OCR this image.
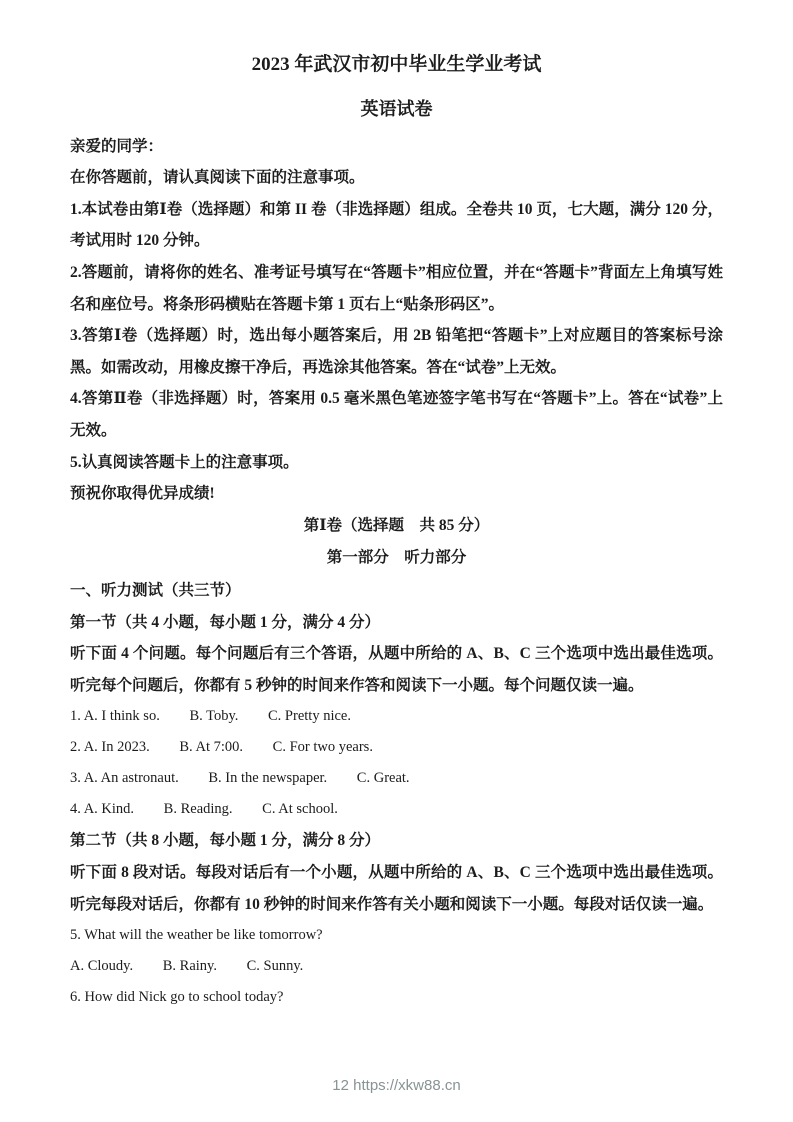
2023 年武汉市初中毕业生学业考试
英语试卷

亲爱的同学：

在你答题前，请认真阅读下面的注意事项。

1.本试卷由第Ⅰ卷（选择题）和第 II 卷（非选择题）组成。全卷共 10 页，七大题，满分 120 分，考试用时 120 分钟。

2.答题前，请将你的姓名、准考证号填写在“答题卡”相应位置，并在“答题卡”背面左上角填写姓名和座位号。将条形码横贴在答题卡第 1 页右上“贴条形码区”。

3.答第Ⅰ卷（选择题）时，选出每小题答案后，用 2B 铅笔把“答题卡”上对应题目的答案标号涂黑。如需改动，用橡皮擦干净后，再选涂其他答案。答在“试卷”上无效。

4.答第Ⅱ卷（非选择题）时，答案用 0.5 毫米黑色笔迹签字笔书写在“答题卡”上。答在“试卷”上无效。

5.认真阅读答题卡上的注意事项。

预祝你取得优异成绩!

第Ⅰ卷（选择题　共 85 分）

第一部分　听力部分

一、听力测试（共三节）

第一节（共 4 小题，每小题 1 分，满分 4 分）

听下面 4 个问题。每个问题后有三个答语，从题中所给的 A、B、C 三个选项中选出最佳选项。听完每个问题后，你都有 5 秒钟的时间来作答和阅读下一小题。每个问题仅读一遍。

1. A. I think so. B. Toby. C. Pretty nice.

2. A. In 2023. B. At 7:00. C. For two years.

3. A. An astronaut. B. In the newspaper. C. Great.

4. A. Kind. B. Reading. C. At school.

第二节（共 8 小题，每小题 1 分，满分 8 分）

听下面 8 段对话。每段对话后有一个小题，从题中所给的 A、B、C 三个选项中选出最佳选项。听完每段对话后，你都有 10 秒钟的时间来作答有关小题和阅读下一小题。每段对话仅读一遍。

5. What will the weather be like tomorrow?

A. Cloudy. B. Rainy. C. Sunny.

6. How did Nick go to school today?

12 https://xkw88.cn
